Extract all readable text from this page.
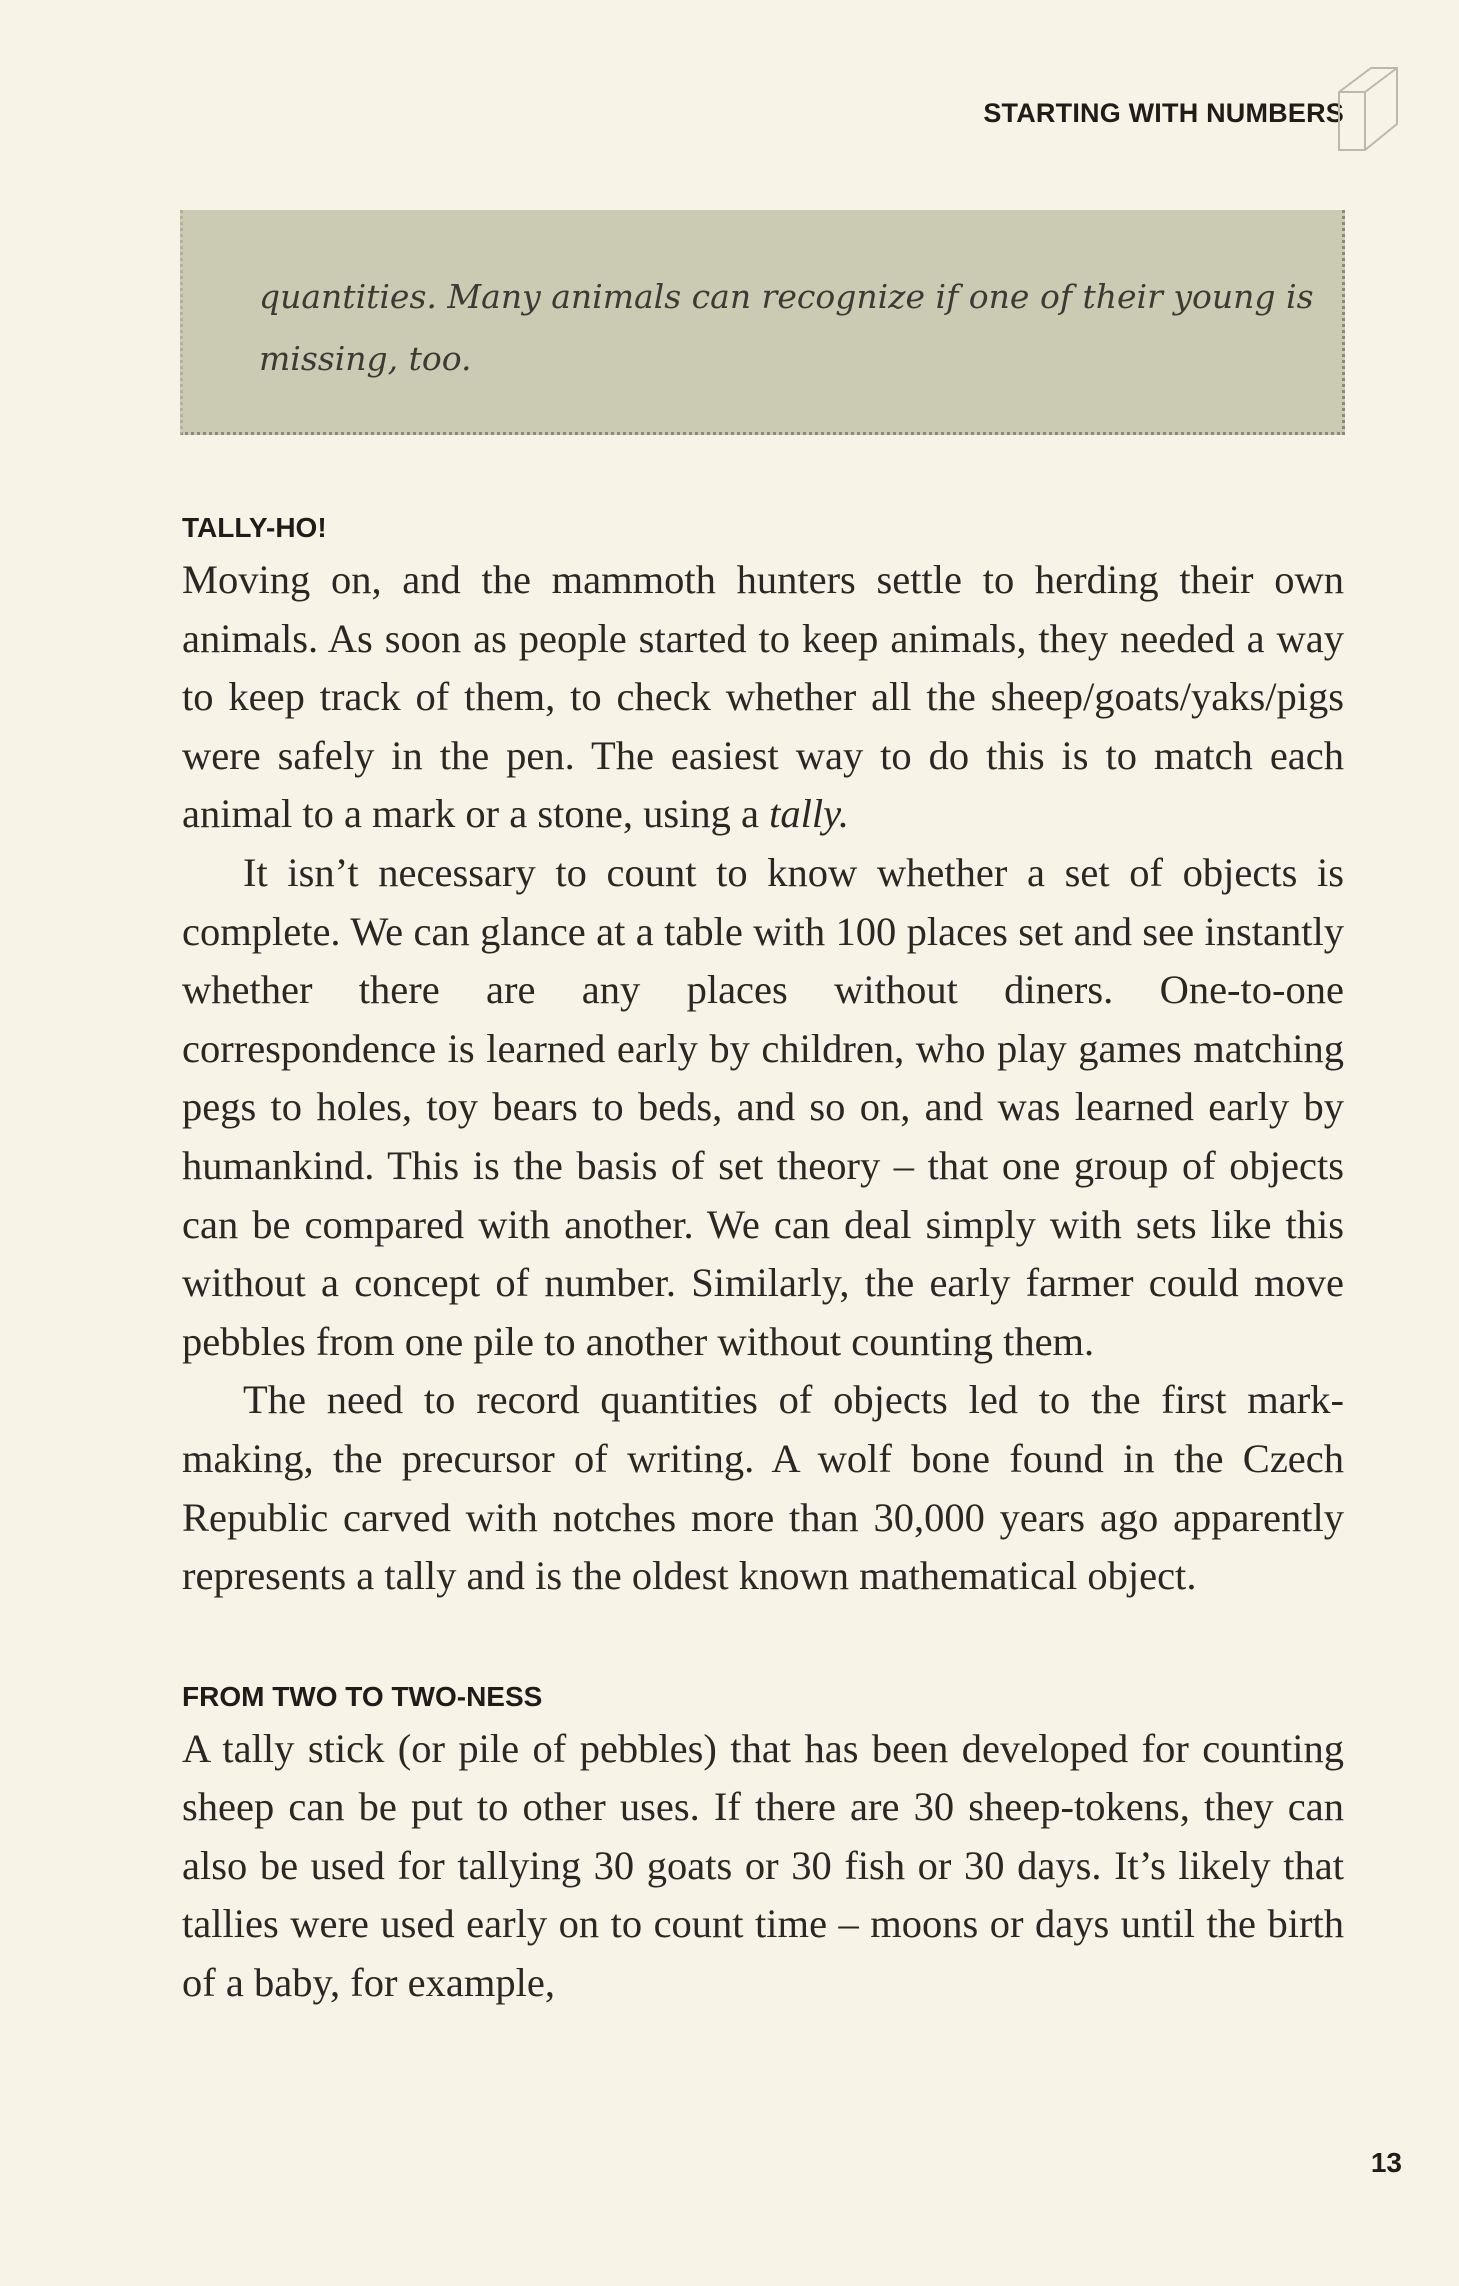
STARTING WITH NUMBERS

quantities. Many animals can recognize if one of their young is missing, too.

TALLY-HO!

Moving on, and the mammoth hunters settle to herding their own animals. As soon as people started to keep animals, they needed a way to keep track of them, to check whether all the sheep/goats/yaks/pigs were safely in the pen. The easiest way to do this is to match each animal to a mark or a stone, using a tally.

It isn’t necessary to count to know whether a set of objects is complete. We can glance at a table with 100 places set and see instantly whether there are any places without diners. One-to-one correspondence is learned early by children, who play games matching pegs to holes, toy bears to beds, and so on, and was learned early by humankind. This is the basis of set theory – that one group of objects can be compared with another. We can deal simply with sets like this without a concept of number. Similarly, the early farmer could move pebbles from one pile to another without counting them.

The need to record quantities of objects led to the first mark-making, the precursor of writing. A wolf bone found in the Czech Republic carved with notches more than 30,000 years ago apparently represents a tally and is the oldest known mathematical object.

FROM TWO TO TWO-NESS

A tally stick (or pile of pebbles) that has been developed for counting sheep can be put to other uses. If there are 30 sheep-tokens, they can also be used for tallying 30 goats or 30 fish or 30 days. It’s likely that tallies were used early on to count time – moons or days until the birth of a baby, for example,

13
